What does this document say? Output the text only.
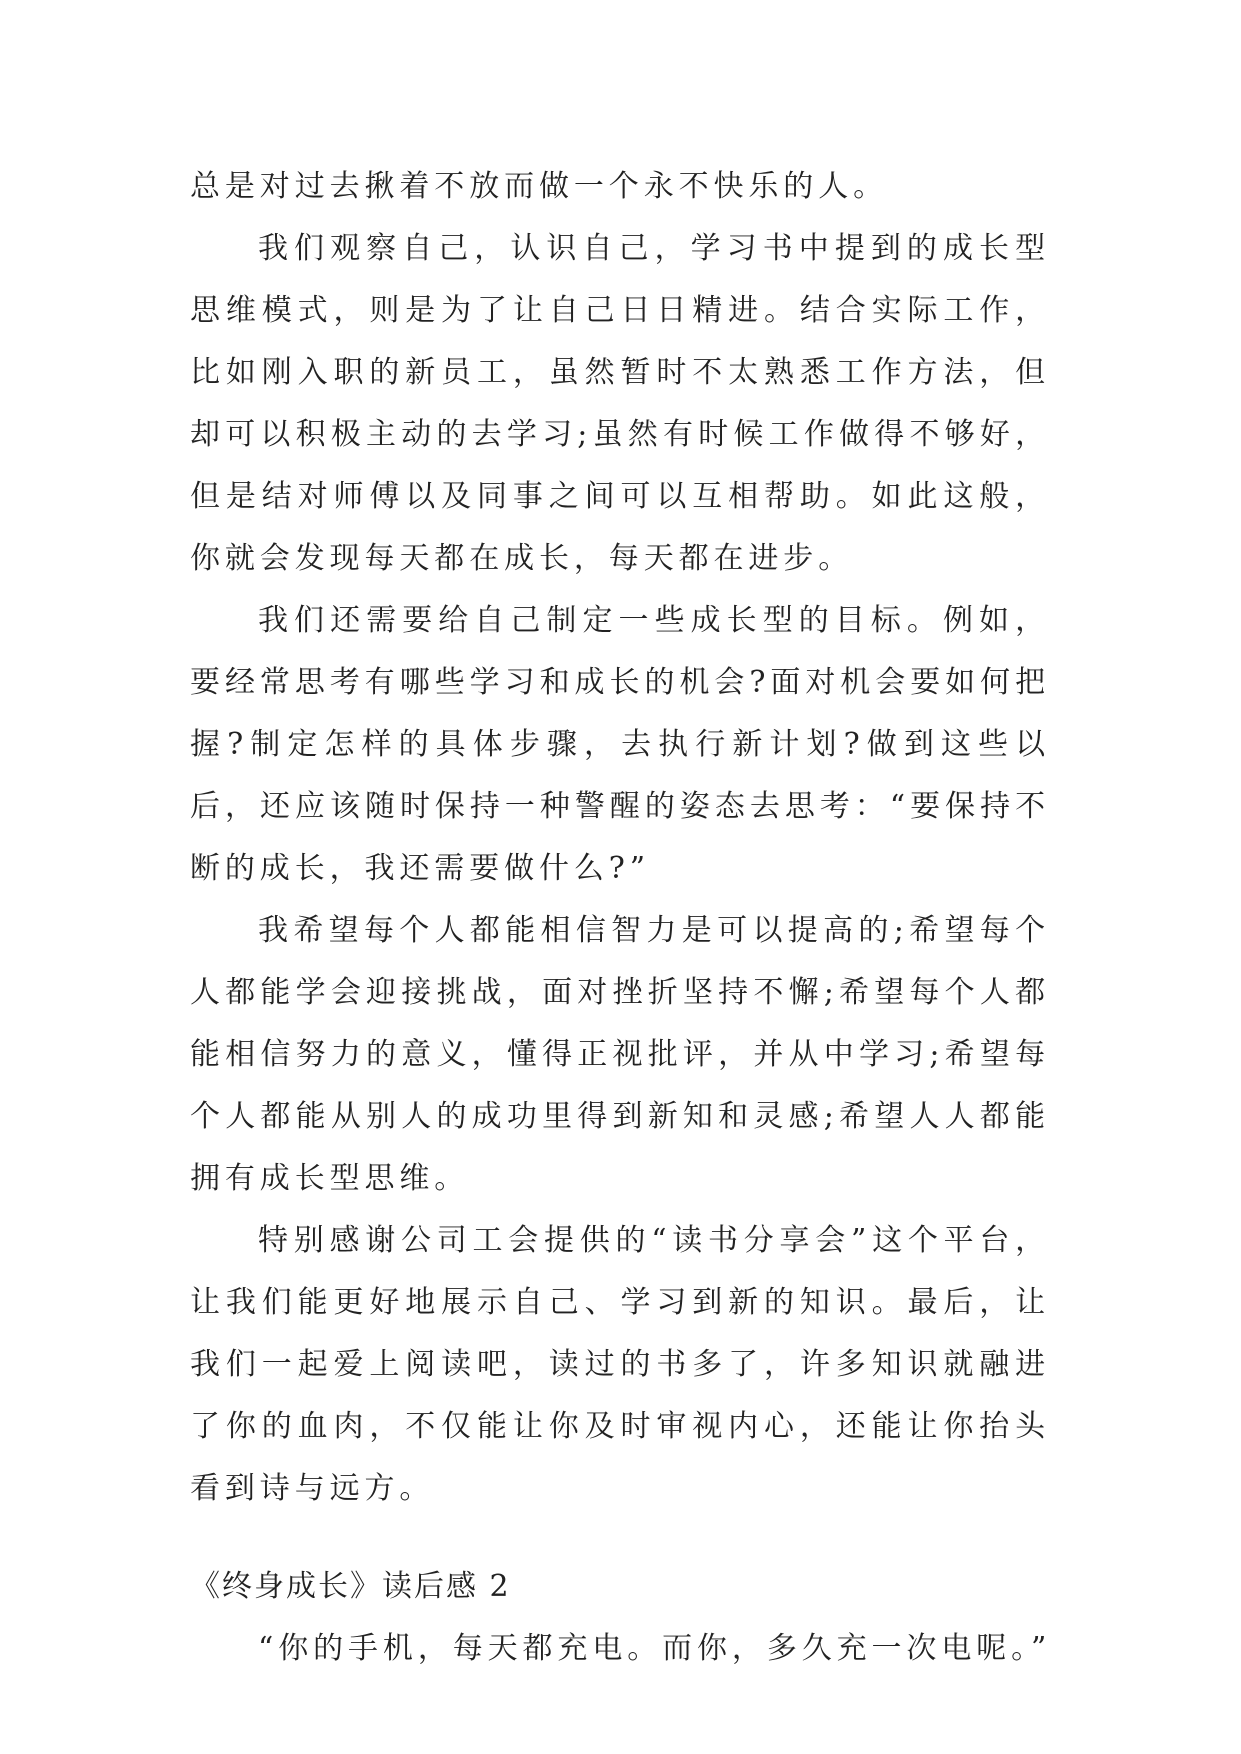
总是对过去揪着不放而做一个永不快乐的人。

我们观察自己，认识自己，学习书中提到的成长型思维模式，则是为了让自己日日精进。结合实际工作，比如刚入职的新员工，虽然暂时不太熟悉工作方法，但却可以积极主动的去学习;虽然有时候工作做得不够好，但是结对师傅以及同事之间可以互相帮助。如此这般，你就会发现每天都在成长，每天都在进步。

我们还需要给自己制定一些成长型的目标。例如，要经常思考有哪些学习和成长的机会?面对机会要如何把握?制定怎样的具体步骤，去执行新计划?做到这些以后，还应该随时保持一种警醒的姿态去思考：“要保持不断的成长，我还需要做什么?”

我希望每个人都能相信智力是可以提高的;希望每个人都能学会迎接挑战，面对挫折坚持不懈;希望每个人都能相信努力的意义，懂得正视批评，并从中学习;希望每个人都能从别人的成功里得到新知和灵感;希望人人都能拥有成长型思维。

特别感谢公司工会提供的“读书分享会”这个平台，让我们能更好地展示自己、学习到新的知识。最后，让我们一起爱上阅读吧，读过的书多了，许多知识就融进了你的血肉，不仅能让你及时审视内心，还能让你抬头看到诗与远方。

《终身成长》读后感 2

“你的手机，每天都充电。而你，多久充一次电呢。”
